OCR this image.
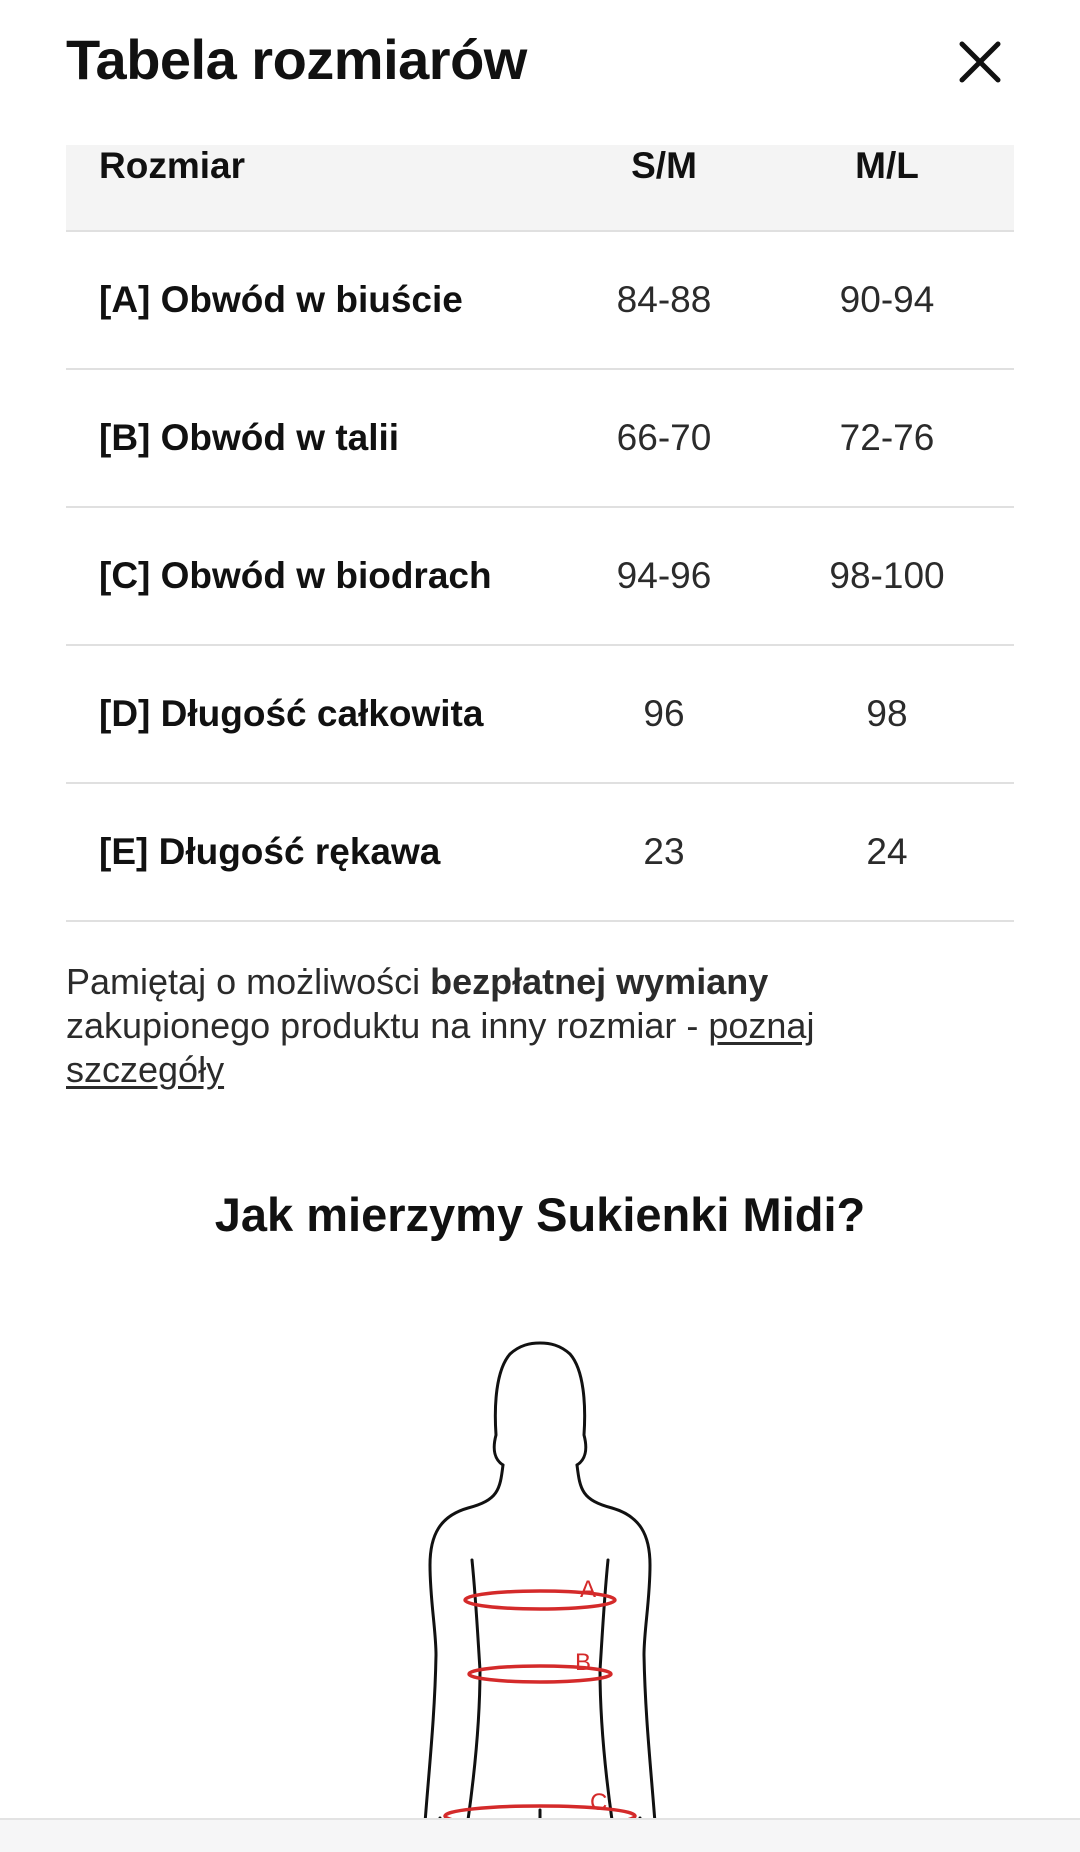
Tabela rozmiarów
Rozmiar	S/M	M/L

[A] Obwód w biuście	84-88	90-94
[B] Obwód w talii	66-70	72-76
[C] Obwód w biodrach	94-96	98-100
[D] Długość całkowita	96	98
[E] Długość rękawa	23	24

Pamiętaj o możliwości bezpłatnej wymiany zakupionego produktu na inny rozmiar - poznaj szczegóły

Jak mierzymy Sukienki Midi?
A
B
C
